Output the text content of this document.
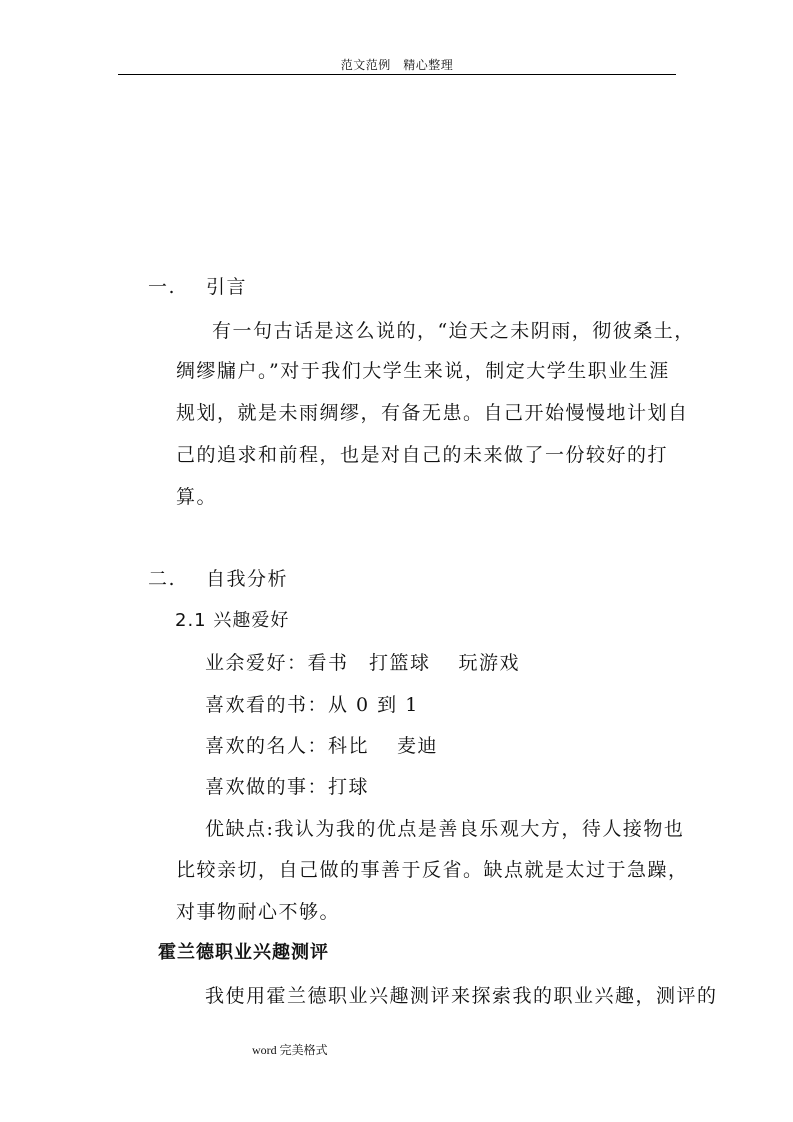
范文范例　精心整理
一. 引言
有一句古话是这么说的，“迨天之未阴雨，彻彼桑土，
绸缪牖户。”对于我们大学生来说，制定大学生职业生涯
规划，就是未雨绸缪，有备无患。自己开始慢慢地计划自
己的追求和前程，也是对自己的未来做了一份较好的打
算。
二. 自我分析
2.1 兴趣爱好
业余爱好：看书　打篮球　 玩游戏
喜欢看的书：从 0 到 1
喜欢的名人：科比　 麦迪
喜欢做的事：打球
优缺点:我认为我的优点是善良乐观大方，待人接物也
比较亲切，自己做的事善于反省。缺点就是太过于急躁，
对事物耐心不够。
霍兰德职业兴趣测评
我使用霍兰德职业兴趣测评来探索我的职业兴趣，测评的
word 完美格式
